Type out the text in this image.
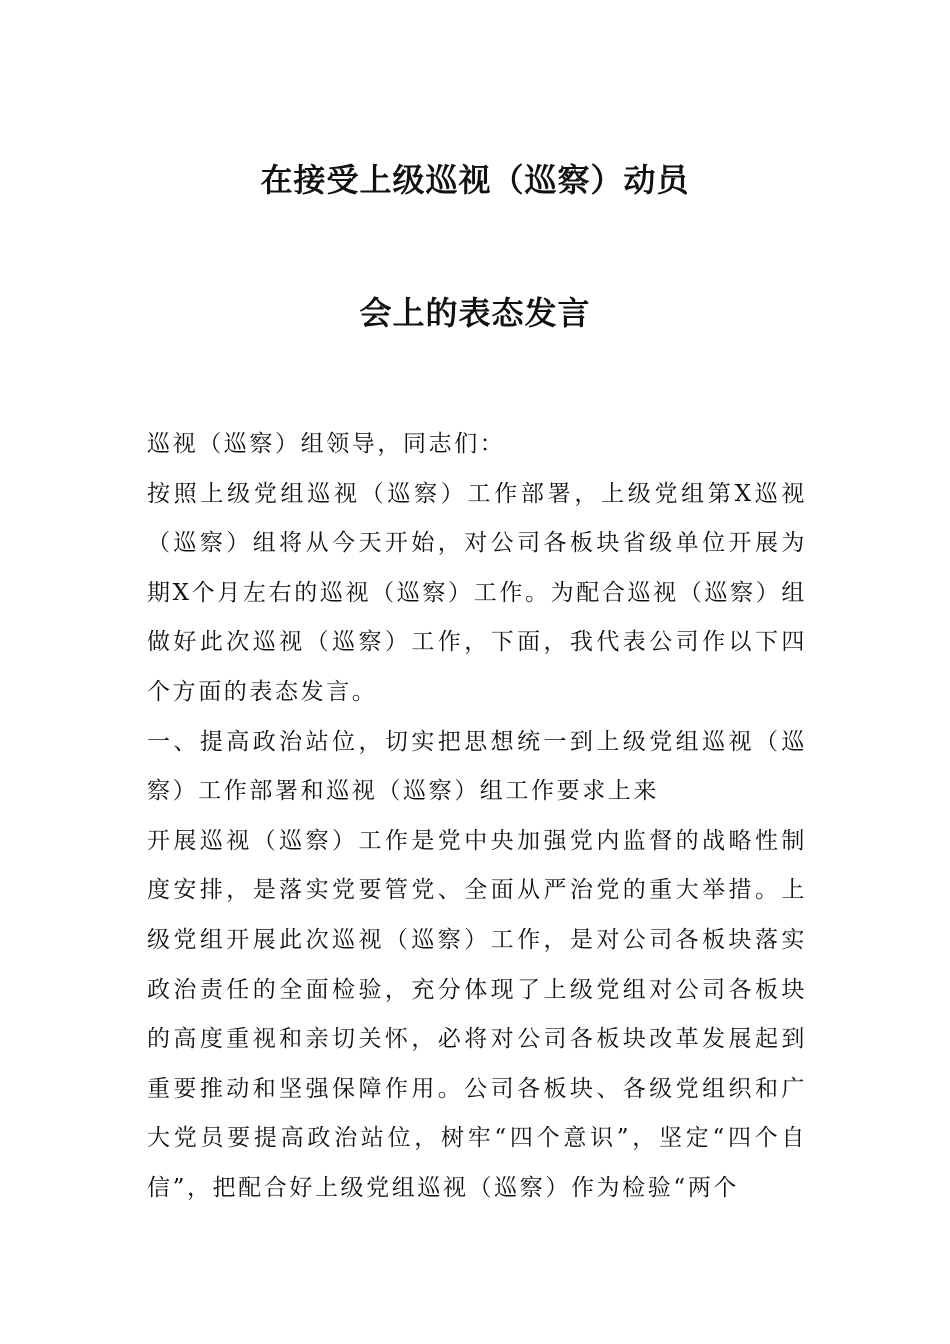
在接受上级巡视（巡察）动员
会上的表态发言

巡视（巡察）组领导，同志们：

按照上级党组巡视（巡察）工作部署，上级党组第X巡视（巡察）组将从今天开始，对公司各板块省级单位开展为期X个月左右的巡视（巡察）工作。为配合巡视（巡察）组做好此次巡视（巡察）工作，下面，我代表公司作以下四个方面的表态发言。

一、提高政治站位，切实把思想统一到上级党组巡视（巡察）工作部署和巡视（巡察）组工作要求上来

开展巡视（巡察）工作是党中央加强党内监督的战略性制度安排，是落实党要管党、全面从严治党的重大举措。上级党组开展此次巡视（巡察）工作，是对公司各板块落实政治责任的全面检验，充分体现了上级党组对公司各板块的高度重视和亲切关怀，必将对公司各板块改革发展起到重要推动和坚强保障作用。公司各板块、各级党组织和广大党员要提高政治站位，树牢“四个意识”，坚定“四个自信”，把配合好上级党组巡视（巡察）作为检验“两个
